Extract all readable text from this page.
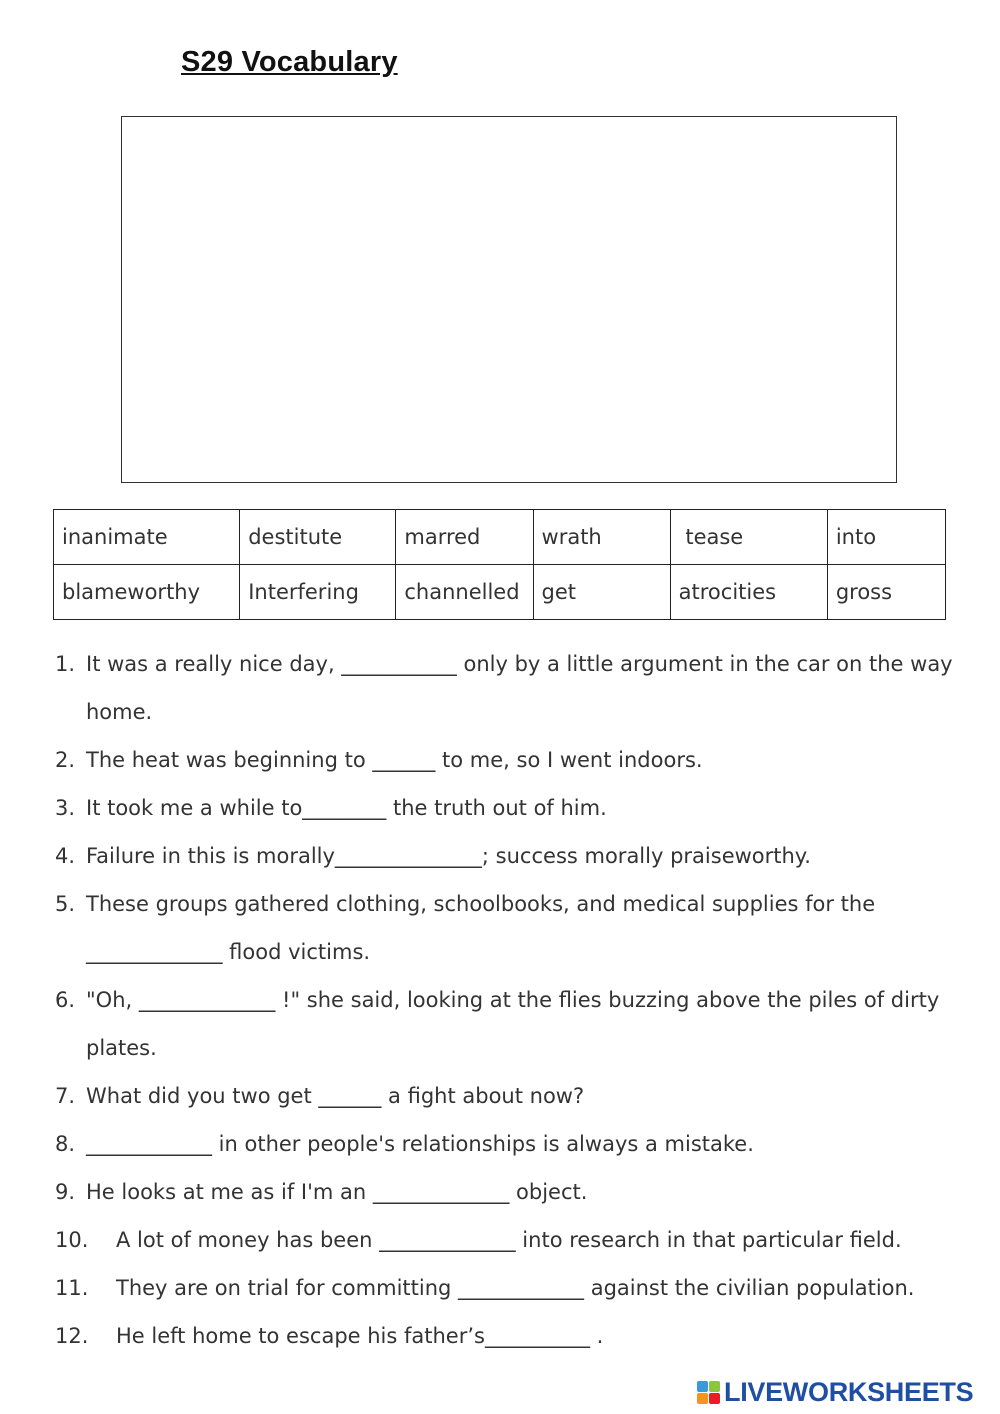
S29 Vocabulary
inanimate	destitute	marred	wrath	tease	into
blameworthy	Interfering	channelled	get	atrocities	gross
1. It was a really nice day, ___________ only by a little argument in the car on the way home.
2. The heat was beginning to ______ to me, so I went indoors.
3. It took me a while to________ the truth out of him.
4. Failure in this is morally______________; success morally praiseworthy.
5. These groups gathered clothing, schoolbooks, and medical supplies for the _____________ flood victims.
6. "Oh, _____________ !" she said, looking at the flies buzzing above the piles of dirty plates.
7. What did you two get ______ a fight about now?
8. ____________ in other people's relationships is always a mistake.
9. He looks at me as if I'm an _____________ object.
10.	A lot of money has been _____________ into research in that particular field.
11.	They are on trial for committing ____________ against the civilian population.
12.	He left home to escape his father’s__________ .
LIVEWORKSHEETS
